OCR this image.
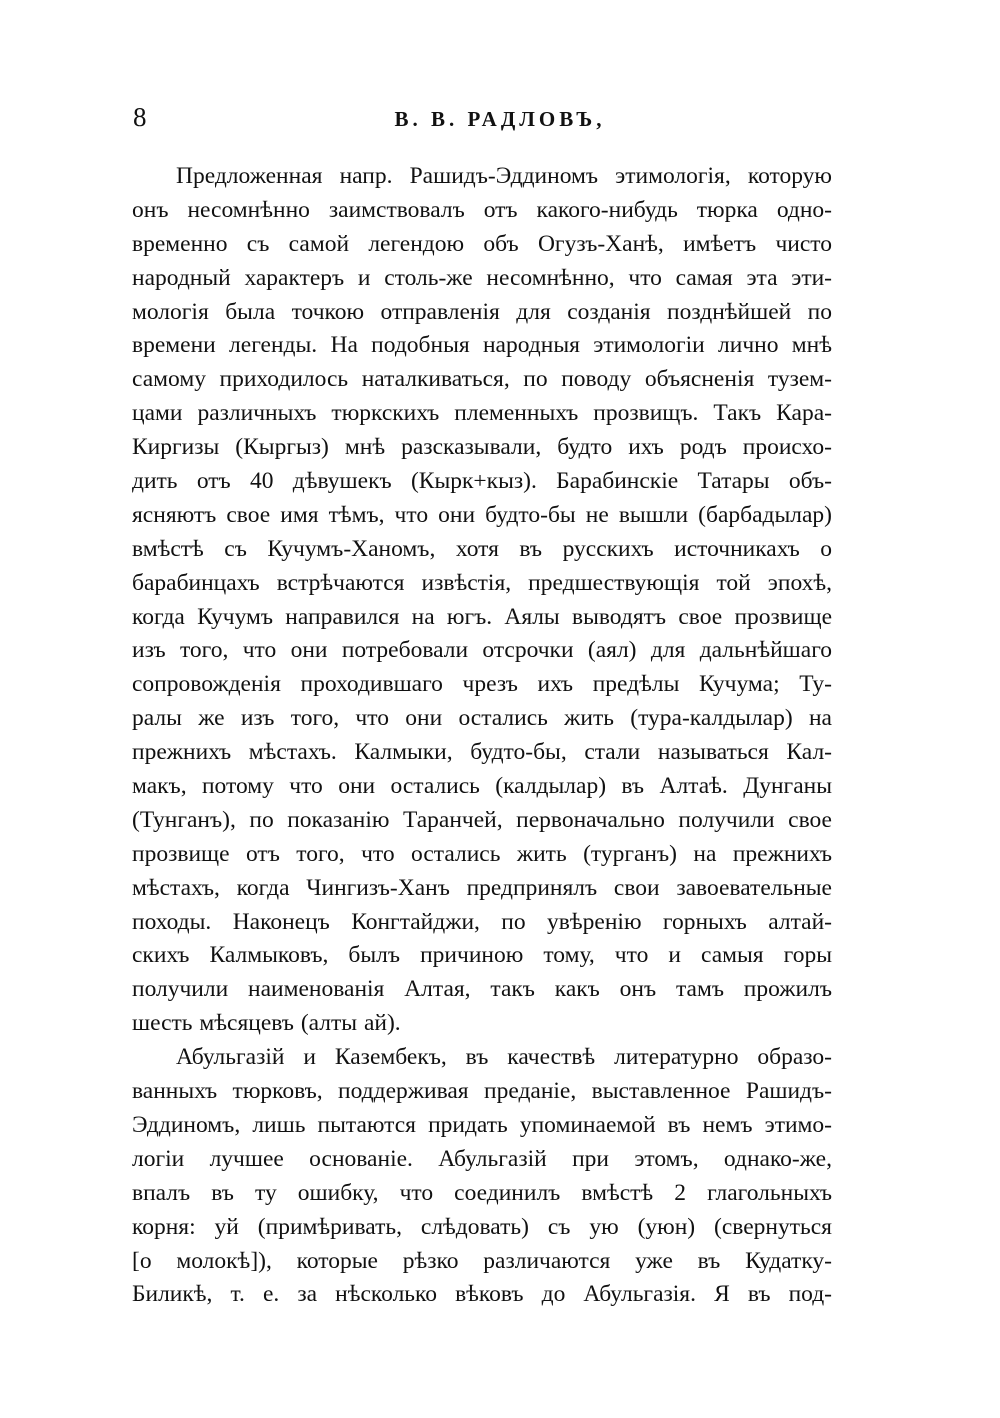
8	В. В. РАДЛОВЪ,
Предложенная напр. Рашидъ-Эддиномъ этимологія, которую
онъ несомнѣнно заимствовалъ отъ какого-нибудь тюрка одно-
временно съ самой легендою объ Огузъ-Ханѣ, имѣетъ чисто
народный характеръ и столь-же несомнѣнно, что самая эта эти-
мологія была точкою отправленія для созданія позднѣйшей по
времени легенды. На подобныя народныя этимологіи лично мнѣ
самому приходилось наталкиваться, по поводу объясненія тузем-
цами различныхъ тюркскихъ племенныхъ прозвищъ. Такъ Кара-
Киргизы (Кыргыз) мнѣ разсказывали, будто ихъ родъ происхо-
дить отъ 40 дѣвушекъ (Кырк+кыз). Барабинскіе Татары объ-
ясняютъ свое имя тѣмъ, что они будто-бы не вышли (барбадылар)
вмѣстѣ съ Кучумъ-Ханомъ, хотя въ русскихъ источникахъ о
барабинцахъ встрѣчаются извѣстія, предшествующія той эпохѣ,
когда Кучумъ направился на югъ. Аялы выводятъ свое прозвище
изъ того, что они потребовали отсрочки (аял) для дальнѣйшаго
сопровожденія проходившаго чрезъ ихъ предѣлы Кучума; Ту-
ралы же изъ того, что они остались жить (тура-калдылар) на
прежнихъ мѣстахъ. Калмыки, будто-бы, стали называться Кал-
макъ, потому что они остались (калдылар) въ Алтаѣ. Дунганы
(Тунганъ), по показанію Таранчей, первоначально получили свое
прозвище отъ того, что остались жить (турганъ) на прежнихъ
мѣстахъ, когда Чингизъ-Ханъ предпринялъ свои завоевательные
походы. Наконецъ Конгтайджи, по увѣренію горныхъ алтай-
скихъ Калмыковъ, былъ причиною тому, что и самыя горы
получили наименованія Алтая, такъ какъ онъ тамъ прожилъ
шесть мѣсяцевъ (алты ай).
Абульгазій и Казембекъ, въ качествѣ литературно образо-
ванныхъ тюрковъ, поддерживая преданіе, выставленное Рашидъ-
Эддиномъ, лишь пытаются придать упоминаемой въ немъ этимо-
логіи лучшее основаніе. Абульгазій при этомъ, однако-же,
впалъ въ ту ошибку, что соединилъ вмѣстѣ 2 глагольныхъ
корня: уй (примѣривать, слѣдовать) съ ую (уюн) (свернуться
[о молокѣ]), которые рѣзко различаются уже въ Кудатку-
Биликѣ, т. е. за нѣсколько вѣковъ до Абульгазія. Я въ под-
